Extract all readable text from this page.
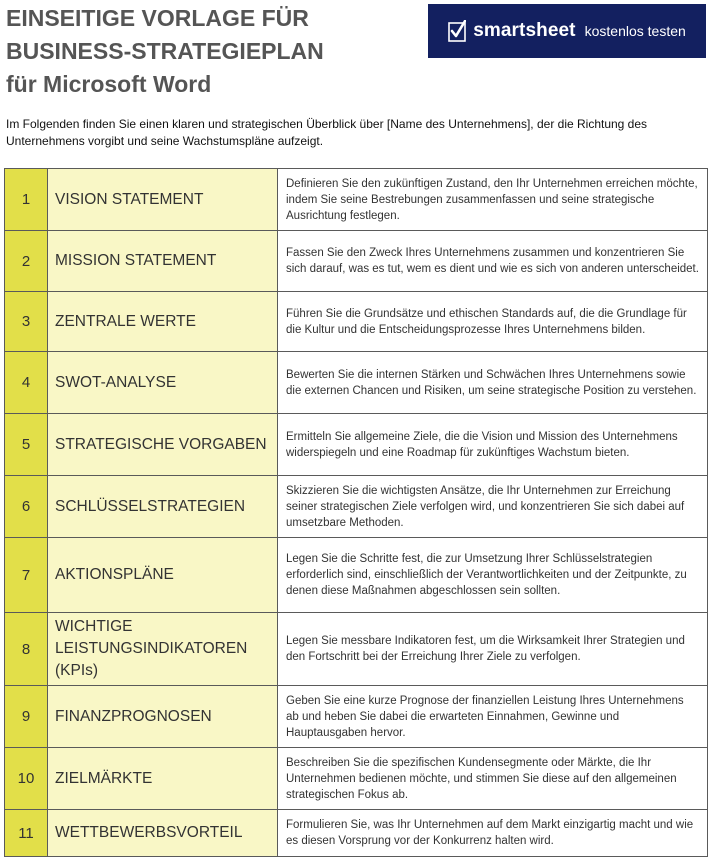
EINSEITIGE VORLAGE FÜR
BUSINESS-STRATEGIEPLAN
für Microsoft Word
smartsheet kostenlos testen
Im Folgenden finden Sie einen klaren und strategischen Überblick über [Name des Unternehmens], der die Richtung des Unternehmens vorgibt und seine Wachstumspläne aufzeigt.
1	VISION STATEMENT	Definieren Sie den zukünftigen Zustand, den Ihr Unternehmen erreichen möchte, indem Sie seine Bestrebungen zusammenfassen und seine strategische Ausrichtung festlegen.
2	MISSION STATEMENT	Fassen Sie den Zweck Ihres Unternehmens zusammen und konzentrieren Sie sich darauf, was es tut, wem es dient und wie es sich von anderen unterscheidet.
3	ZENTRALE WERTE	Führen Sie die Grundsätze und ethischen Standards auf, die die Grundlage für die Kultur und die Entscheidungsprozesse Ihres Unternehmens bilden.
4	SWOT-ANALYSE	Bewerten Sie die internen Stärken und Schwächen Ihres Unternehmens sowie die externen Chancen und Risiken, um seine strategische Position zu verstehen.
5	STRATEGISCHE VORGABEN	Ermitteln Sie allgemeine Ziele, die die Vision und Mission des Unternehmens widerspiegeln und eine Roadmap für zukünftiges Wachstum bieten.
6	SCHLÜSSELSTRATEGIEN	Skizzieren Sie die wichtigsten Ansätze, die Ihr Unternehmen zur Erreichung seiner strategischen Ziele verfolgen wird, und konzentrieren Sie sich dabei auf umsetzbare Methoden.
7	AKTIONSPLÄNE	Legen Sie die Schritte fest, die zur Umsetzung Ihrer Schlüsselstrategien erforderlich sind, einschließlich der Verantwortlichkeiten und der Zeitpunkte, zu denen diese Maßnahmen abgeschlossen sein sollten.
8	WICHTIGE LEISTUNGSINDIKATOREN (KPIs)	Legen Sie messbare Indikatoren fest, um die Wirksamkeit Ihrer Strategien und den Fortschritt bei der Erreichung Ihrer Ziele zu verfolgen.
9	FINANZPROGNOSEN	Geben Sie eine kurze Prognose der finanziellen Leistung Ihres Unternehmens ab und heben Sie dabei die erwarteten Einnahmen, Gewinne und Hauptausgaben hervor.
10	ZIELMÄRKTE	Beschreiben Sie die spezifischen Kundensegmente oder Märkte, die Ihr Unternehmen bedienen möchte, und stimmen Sie diese auf den allgemeinen strategischen Fokus ab.
11	WETTBEWERBSVORTEIL	Formulieren Sie, was Ihr Unternehmen auf dem Markt einzigartig macht und wie es diesen Vorsprung vor der Konkurrenz halten wird.
